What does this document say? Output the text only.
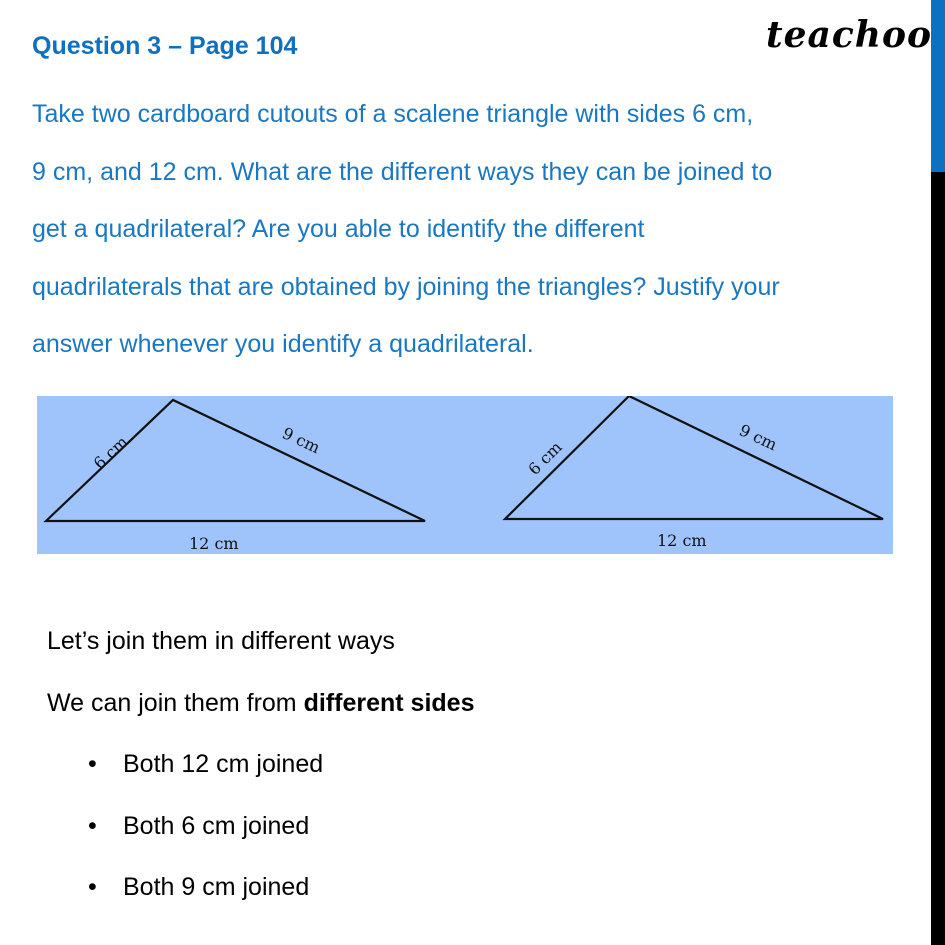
teachoo
Question 3 – Page 104
Take two cardboard cutouts of a scalene triangle with sides 6 cm,
9 cm, and 12 cm. What are the different ways they can be joined to
get a quadrilateral? Are you able to identify the different
quadrilaterals that are obtained by joining the triangles? Justify your
answer whenever you identify a quadrilateral.
6 cm	9 cm
12 cm
6 cm
9 cm
12 cm
Let’s join them in different ways
We can join them from different sides
• Both 12 cm joined
• Both 6 cm joined
• Both 9 cm joined
